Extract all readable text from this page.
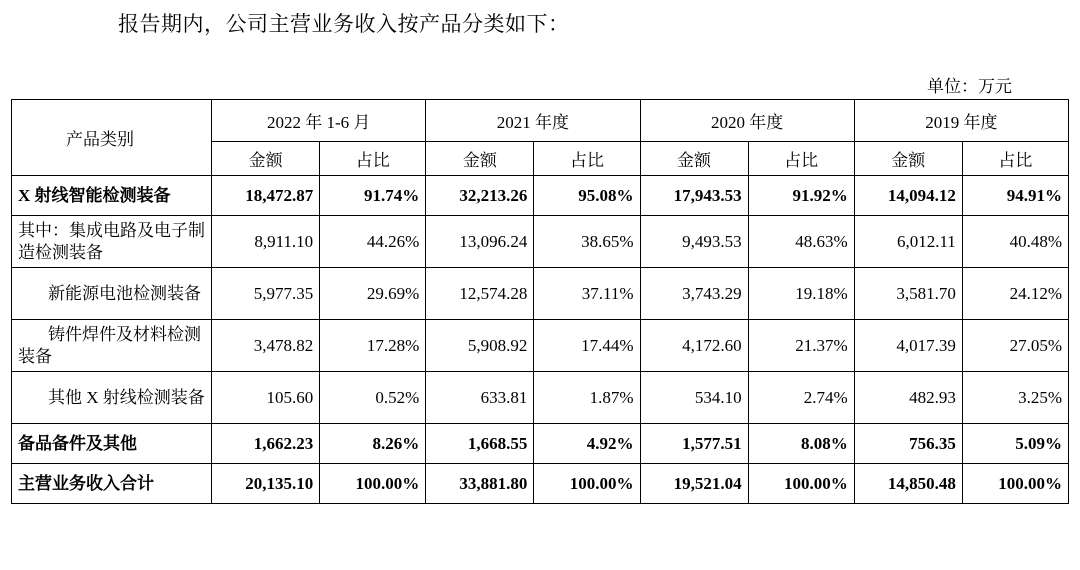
报告期内，公司主营业务收入按产品分类如下：
单位：万元
产品类别	2022 年 1-6 月		2021 年度		2020 年度		2019 年度	
	金额	占比	金额	占比	金额	占比	金额	占比
X 射线智能检测装备	18,472.87	91.74%	32,213.26	95.08%	17,943.53	91.92%	14,094.12	94.91%

其中：集成电路及电子制造检测装备	8,911.10	44.26%	13,096.24	38.65%	9,493.53	48.63%	6,012.11	40.48%

新能源电池检测装备	5,977.35	29.69%	12,574.28	37.11%	3,743.29	19.18%	3,581.70	24.12%

铸件焊件及材料检测装备	3,478.82	17.28%	5,908.92	17.44%	4,172.60	21.37%	4,017.39	27.05%

其他 X 射线检测装备	105.60	0.52%	633.81	1.87%	534.10	2.74%	482.93	3.25%
备品备件及其他	1,662.23	8.26%	1,668.55	4.92%	1,577.51	8.08%	756.35	5.09%
主营业务收入合计	20,135.10	100.00%	33,881.80	100.00%	19,521.04	100.00%	14,850.48	100.00%
